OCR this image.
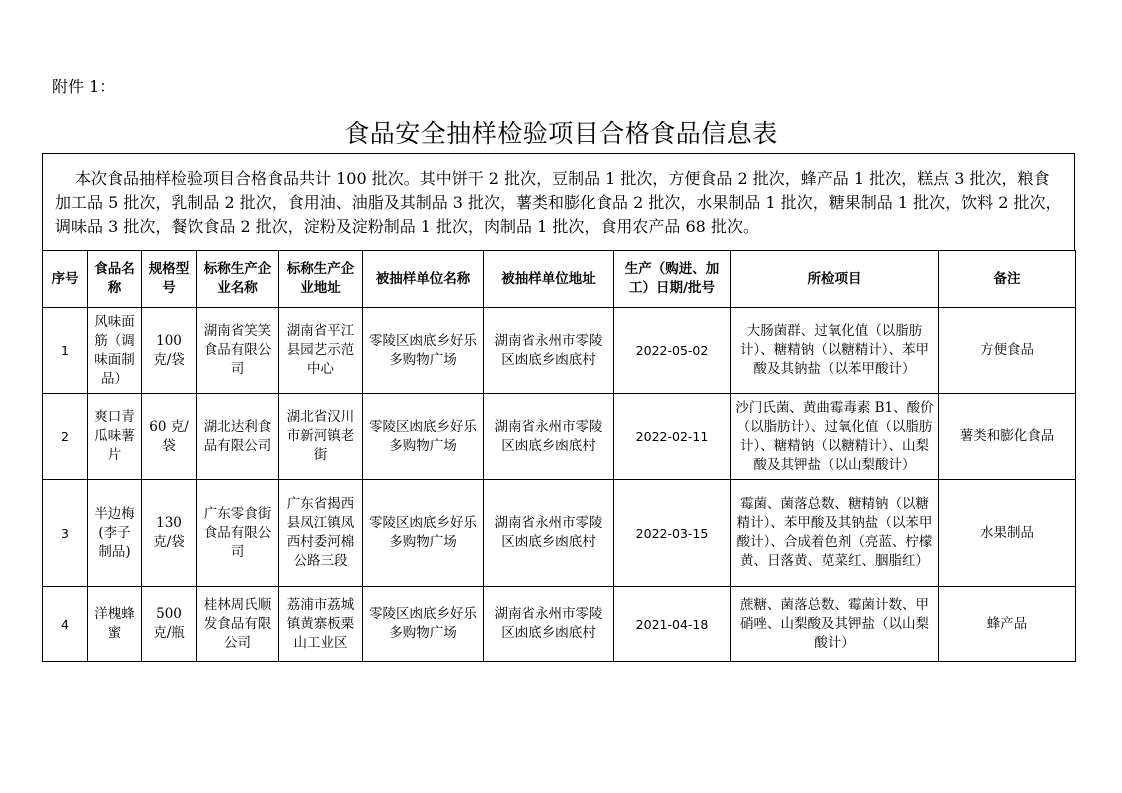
附件 1：
食品安全抽样检验项目合格食品信息表
本次食品抽样检验项目合格食品共计 100 批次。其中饼干 2 批次，豆制品 1 批次，方便食品 2 批次，蜂产品 1 批次，糕点 3 批次，粮食加工品 5 批次，乳制品 2 批次，食用油、油脂及其制品 3 批次，薯类和膨化食品 2 批次，水果制品 1 批次，糖果制品 1 批次，饮料 2 批次，调味品 3 批次，餐饮食品 2 批次，淀粉及淀粉制品 1 批次，肉制品 1 批次，食用农产品 68 批次。
序号	食品名称	规格型号	标称生产企业名称	标称生产企业地址	被抽样单位名称	被抽样单位地址	生产（购进、加工）日期/批号	所检项目	备注
1	风味面筋（调味面制品）	100 克/袋	湖南省笑笑食品有限公司	湖南省平江县园艺示范中心	零陵区凼底乡好乐多购物广场	湖南省永州市零陵区凼底乡凼底村	2022-05-02	大肠菌群、过氧化值（以脂肪计）、糖精钠（以糖精计）、苯甲酸及其钠盐（以苯甲酸计）	方便食品
2	爽口青瓜味薯片	60 克/袋	湖北达利食品有限公司	湖北省汉川市新河镇老街	零陵区凼底乡好乐多购物广场	湖南省永州市零陵区凼底乡凼底村	2022-02-11	沙门氏菌、黄曲霉毒素 B1、酸价（以脂肪计）、过氧化值（以脂肪计）、糖精钠（以糖精计）、山梨酸及其钾盐（以山梨酸计）	薯类和膨化食品
3	半边梅(李子制品)	130 克/袋	广东零食街食品有限公司	广东省揭西县凤江镇凤西村委河棉公路三段	零陵区凼底乡好乐多购物广场	湖南省永州市零陵区凼底乡凼底村	2022-03-15	霉菌、菌落总数、糖精钠（以糖精计）、苯甲酸及其钠盐（以苯甲酸计）、合成着色剂（亮蓝、柠檬黄、日落黄、苋菜红、胭脂红）	水果制品
4	洋槐蜂蜜	500 克/瓶	桂林周氏顺发食品有限公司	荔浦市荔城镇黄寨板栗山工业区	零陵区凼底乡好乐多购物广场	湖南省永州市零陵区凼底乡凼底村	2021-04-18	蔗糖、菌落总数、霉菌计数、甲硝唑、山梨酸及其钾盐（以山梨酸计）	蜂产品
